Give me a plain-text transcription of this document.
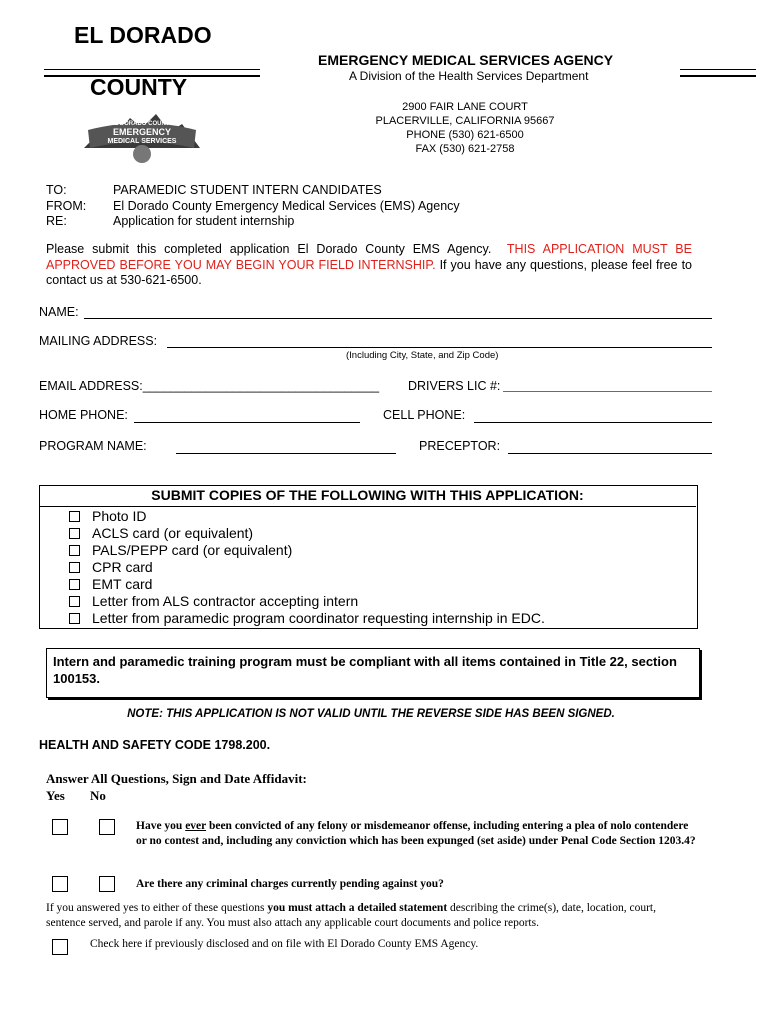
EL DORADO
COUNTY
EL DORADO COUNTY
EMERGENCY
MEDICAL SERVICES
EMERGENCY MEDICAL SERVICES AGENCY
A Division of the Health Services Department
2900 FAIR LANE COURT
PLACERVILLE, CALIFORNIA 95667
PHONE (530) 621-6500
FAX (530) 621-2758
TO:	PARAMEDIC STUDENT INTERN CANDIDATES
FROM:	El Dorado County Emergency Medical Services (EMS) Agency
RE:	Application for student internship
Please submit this completed application El Dorado County EMS Agency. THIS APPLICATION MUST BE APPROVED BEFORE YOU MAY BEGIN YOUR FIELD INTERNSHIP. If you have any questions, please feel free to contact us at 530-621-6500.
NAME:
MAILING ADDRESS:
(Including City, State, and Zip Code)
EMAIL ADDRESS:__________________________________ DRIVERS LIC #:
HOME PHONE:	CELL PHONE:
PROGRAM NAME:	PRECEPTOR:
SUBMIT COPIES OF THE FOLLOWING WITH THIS APPLICATION:
Photo ID
ACLS card (or equivalent)
PALS/PEPP card (or equivalent)
CPR card
EMT card
Letter from ALS contractor accepting intern
Letter from paramedic program coordinator requesting internship in EDC.
Intern and paramedic training program must be compliant with all items contained in Title 22, section 100153.
NOTE: THIS APPLICATION IS NOT VALID UNTIL THE REVERSE SIDE HAS BEEN SIGNED.
HEALTH AND SAFETY CODE 1798.200.
Answer All Questions, Sign and Date Affidavit:
Yes No
Have you ever been convicted of any felony or misdemeanor offense, including entering a plea of nolo contendere or no contest and, including any conviction which has been expunged (set aside) under Penal Code Section 1203.4?
Are there any criminal charges currently pending against you?
If you answered yes to either of these questions you must attach a detailed statement describing the crime(s), date, location, court, sentence served, and parole if any. You must also attach any applicable court documents and police reports.
Check here if previously disclosed and on file with El Dorado County EMS Agency.
